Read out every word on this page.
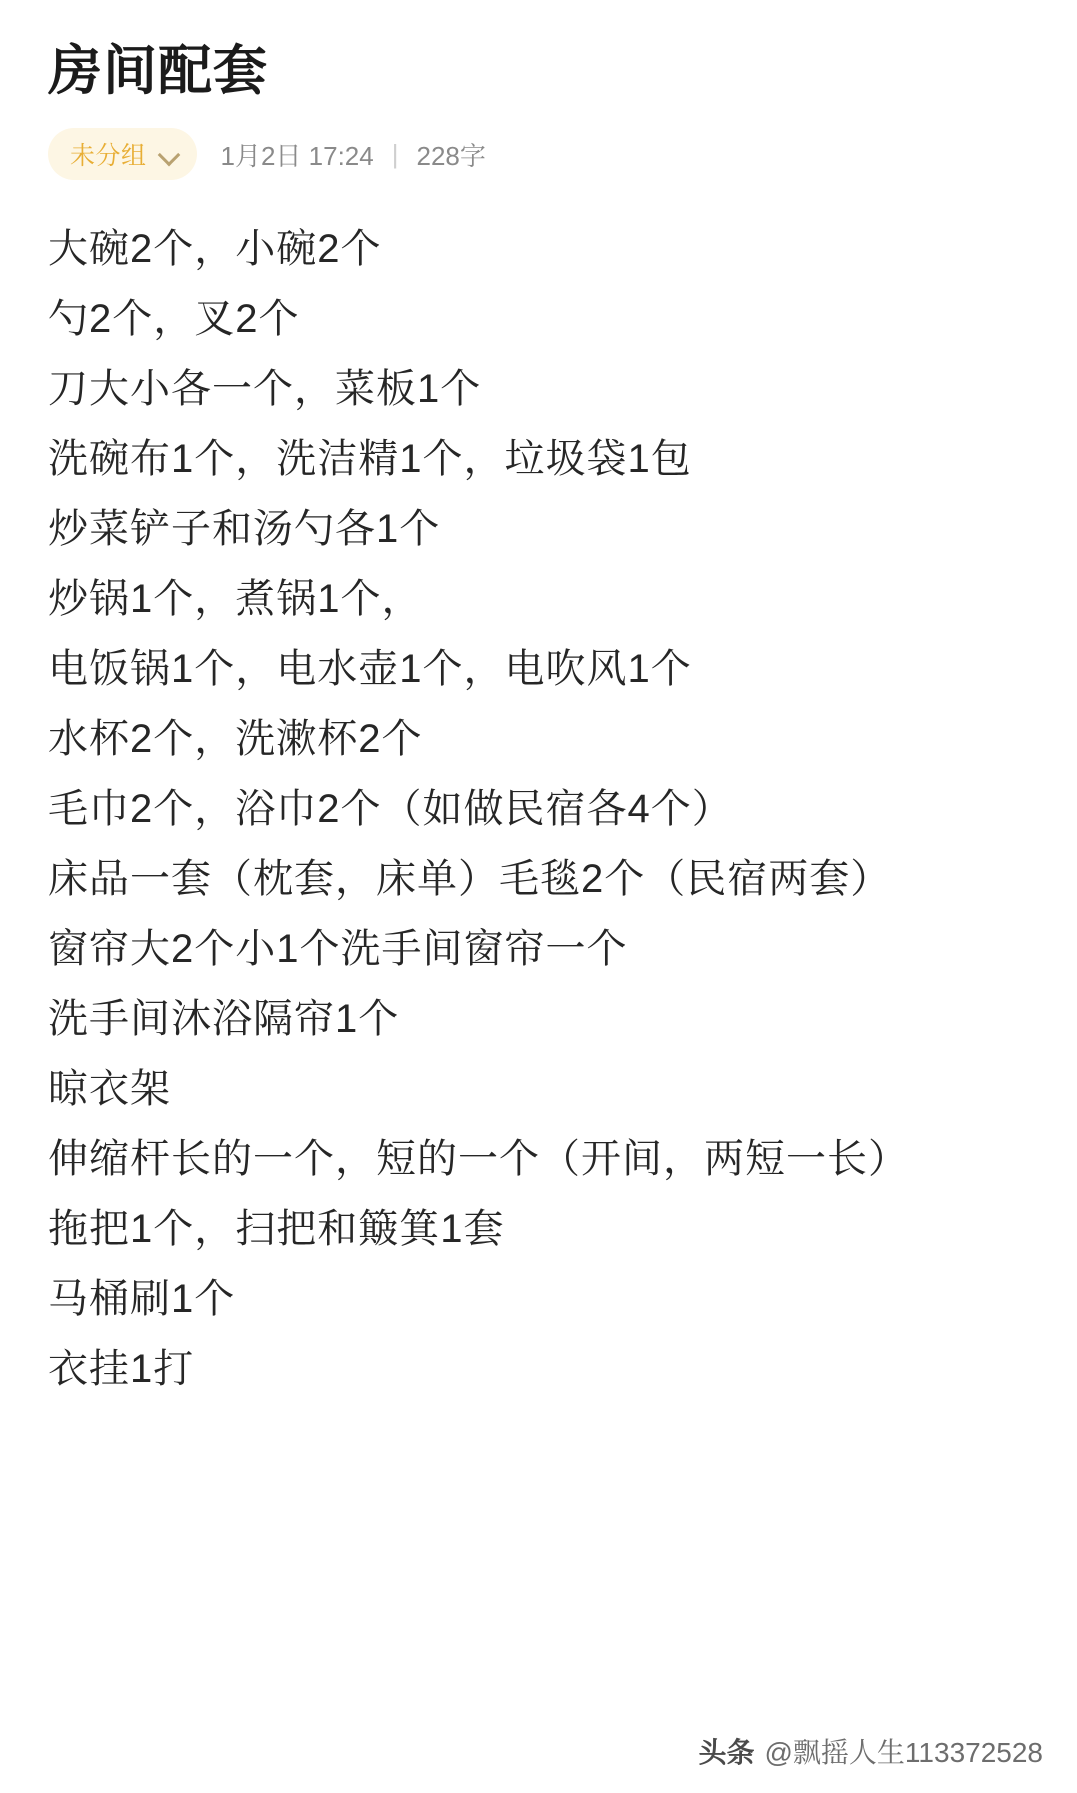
房间配套
未分组	1月2日 17:24 | 228字
大碗2个，小碗2个
勺2个，叉2个
刀大小各一个，菜板1个
洗碗布1个，洗洁精1个，垃圾袋1包
炒菜铲子和汤勺各1个
炒锅1个，煮锅1个，
电饭锅1个，电水壶1个，电吹风1个
水杯2个，洗漱杯2个
毛巾2个，浴巾2个（如做民宿各4个）
床品一套（枕套，床单）毛毯2个（民宿两套）
窗帘大2个小1个洗手间窗帘一个
洗手间沐浴隔帘1个
晾衣架
伸缩杆长的一个，短的一个（开间，两短一长）
拖把1个，扫把和簸箕1套
马桶刷1个
衣挂1打
头条 @飘摇人生113372528
